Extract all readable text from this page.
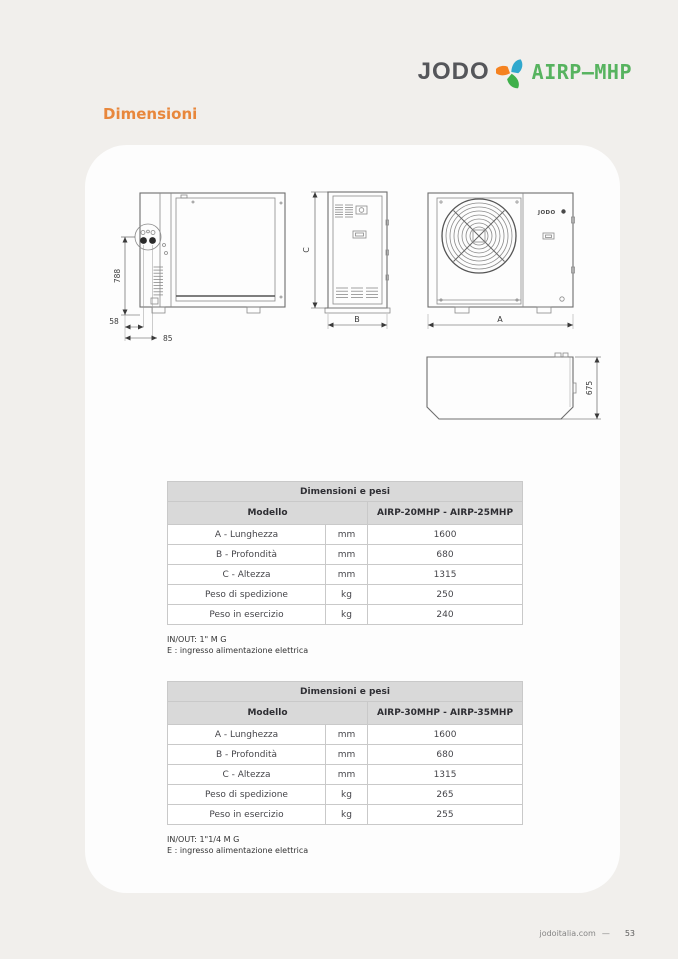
JODO AIRP–MHP
Dimensioni
788
58
85
C
B
JODO
A
675
Dimensioni e pesi		
Modello		AIRP-20MHP - AIRP-25MHP
A - Lunghezza	mm	1600
B - Profondità	mm	680
C - Altezza	mm	1315
Peso di spedizione	kg	250
Peso in esercizio	kg	240
IN/OUT: 1" M G
E : ingresso alimentazione elettrica
Dimensioni e pesi		
Modello		AIRP-30MHP - AIRP-35MHP
A - Lunghezza	mm	1600
B - Profondità	mm	680
C - Altezza	mm	1315
Peso di spedizione	kg	265
Peso in esercizio	kg	255
IN/OUT: 1"1/4 M G
E : ingresso alimentazione elettrica
jodoitalia.com — 53
